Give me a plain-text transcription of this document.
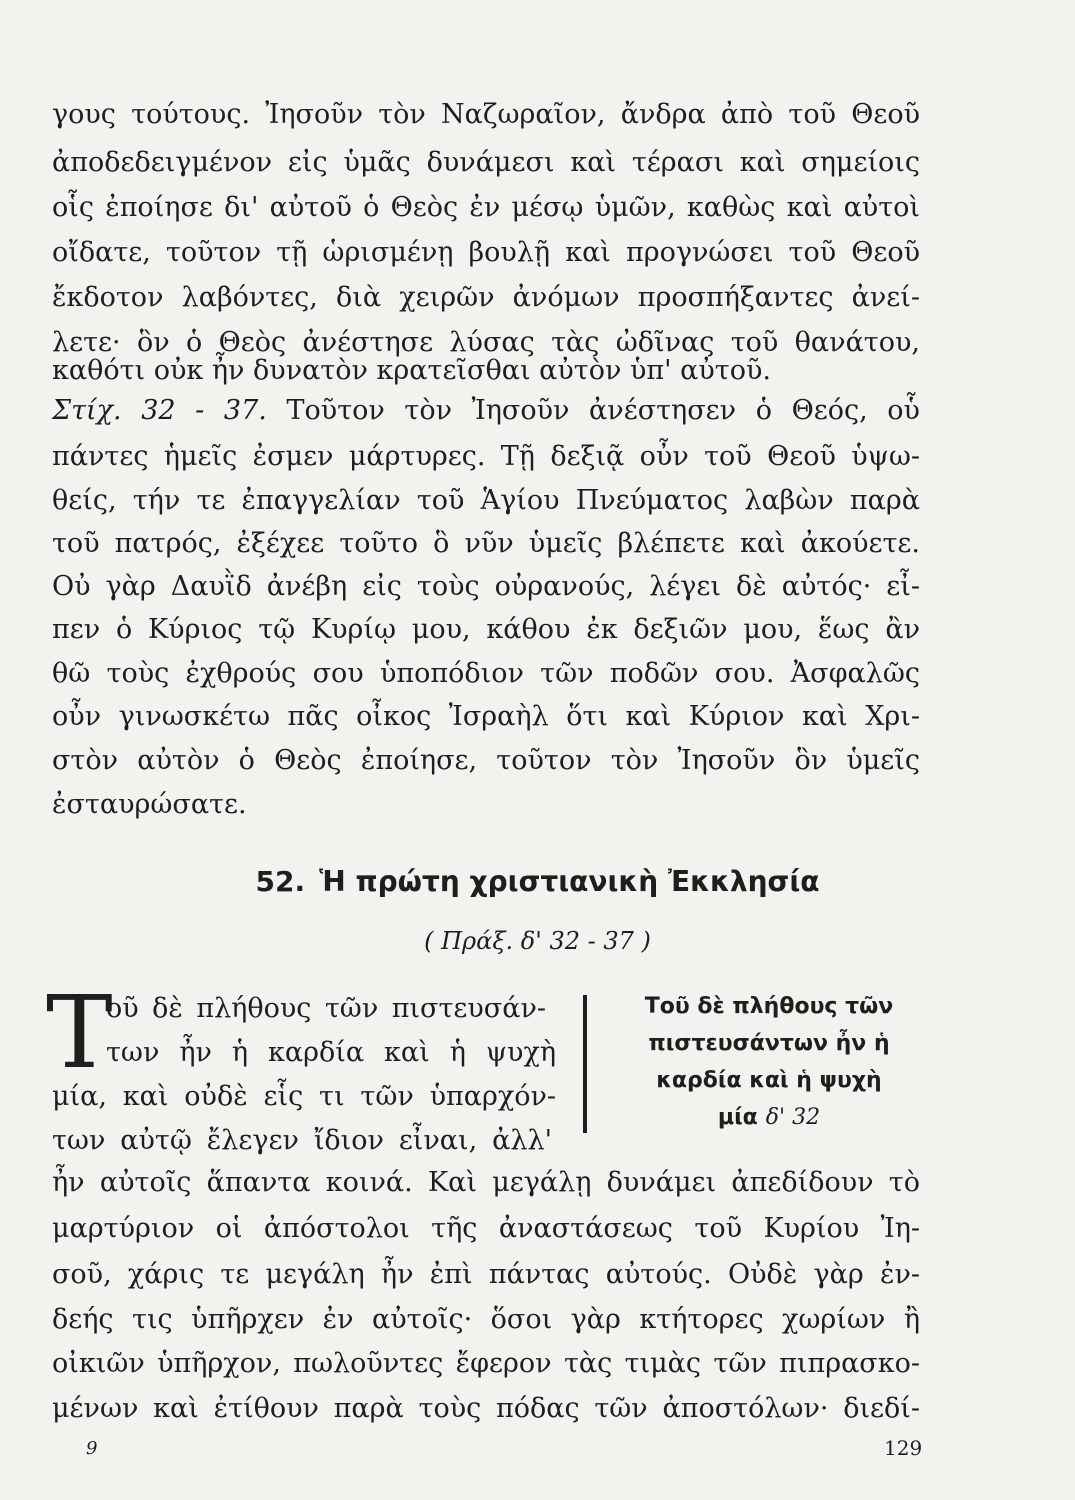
γους τούτους. Ἰησοῦν τὸν Ναζωραῖον, ἄνδρα ἀπὸ τοῦ Θεοῦ
ἀποδεδειγμένον εἰς ὑμᾶς δυνάμεσι καὶ τέρασι καὶ σημείοις
οἷς ἐποίησε δι' αὐτοῦ ὁ Θεὸς ἐν μέσῳ ὑμῶν, καθὼς καὶ αὐτοὶ
οἴδατε, τοῦτον τῇ ὡρισμένῃ βουλῇ καὶ προγνώσει τοῦ Θεοῦ
ἔκδοτον λαβόντες, διὰ χειρῶν ἀνόμων προσπήξαντες ἀνεί-
λετε· ὃν ὁ Θεὸς ἀνέστησε λύσας τὰς ὠδῖνας τοῦ θανάτου,
καθότι οὐκ ἦν δυνατὸν κρατεῖσθαι αὐτὸν ὑπ' αὐτοῦ.
Στίχ. 32 - 37. Τοῦτον τὸν Ἰησοῦν ἀνέστησεν ὁ Θεός, οὗ
πάντες ἡμεῖς ἐσμεν μάρτυρες. Τῇ δεξιᾷ οὖν τοῦ Θεοῦ ὑψω-
θείς, τήν τε ἐπαγγελίαν τοῦ Ἁγίου Πνεύματος λαβὼν παρὰ
τοῦ πατρός, ἐξέχεε τοῦτο ὃ νῦν ὑμεῖς βλέπετε καὶ ἀκούετε.
Οὐ γὰρ Δαυῒδ ἀνέβη εἰς τοὺς οὐρανούς, λέγει δὲ αὐτός· εἶ-
πεν ὁ Κύριος τῷ Κυρίῳ μου, κάθου ἐκ δεξιῶν μου, ἕως ἂν
θῶ τοὺς ἐχθρούς σου ὑποπόδιον τῶν ποδῶν σου. Ἀσφαλῶς
οὖν γινωσκέτω πᾶς οἶκος Ἰσραὴλ ὅτι καὶ Κύριον καὶ Χρι-
στὸν αὐτὸν ὁ Θεὸς ἐποίησε, τοῦτον τὸν Ἰησοῦν ὃν ὑμεῖς
ἐσταυρώσατε.
52. Ἡ πρώτη χριστιανικὴ Ἐκκλησία
( Πράξ. δ' 32 - 37 )
Τ
οῦ δὲ πλήθους τῶν πιστευσάν-
των ἦν ἡ καρδία καὶ ἡ ψυχὴ
μία, καὶ οὐδὲ εἷς τι τῶν ὑπαρχόν-
των αὐτῷ ἔλεγεν ἴδιον εἶναι, ἀλλ'
Τοῦ δὲ πλήθους τῶν
πιστευσάντων ἦν ἡ
καρδία καὶ ἡ ψυχὴ
μία δ' 32
ἦν αὐτοῖς ἅπαντα κοινά. Καὶ μεγάλῃ δυνάμει ἀπεδίδουν τὸ
μαρτύριον οἱ ἀπόστολοι τῆς ἀναστάσεως τοῦ Κυρίου Ἰη-
σοῦ, χάρις τε μεγάλη ἦν ἐπὶ πάντας αὐτούς. Οὐδὲ γὰρ ἐν-
δεής τις ὑπῆρχεν ἐν αὐτοῖς· ὅσοι γὰρ κτήτορες χωρίων ἢ
οἰκιῶν ὑπῆρχον, πωλοῦντες ἔφερον τὰς τιμὰς τῶν πιπρασκο-
μένων καὶ ἐτίθουν παρὰ τοὺς πόδας τῶν ἀποστόλων· διεδί-
9	129
